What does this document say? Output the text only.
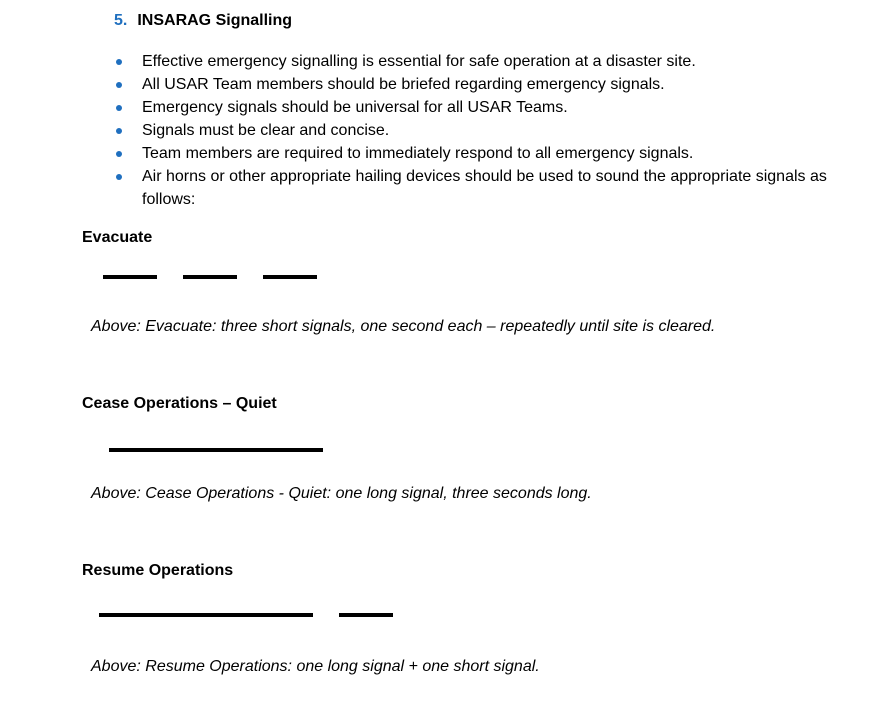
5. INSARAG Signalling
Effective emergency signalling is essential for safe operation at a disaster site.
All USAR Team members should be briefed regarding emergency signals.
Emergency signals should be universal for all USAR Teams.
Signals must be clear and concise.
Team members are required to immediately respond to all emergency signals.
Air horns or other appropriate hailing devices should be used to sound the appropriate signals as follows:
Evacuate
Above: Evacuate: three short signals, one second each – repeatedly until site is cleared.
Cease Operations – Quiet
Above: Cease Operations - Quiet: one long signal, three seconds long.
Resume Operations
Above: Resume Operations: one long signal + one short signal.
